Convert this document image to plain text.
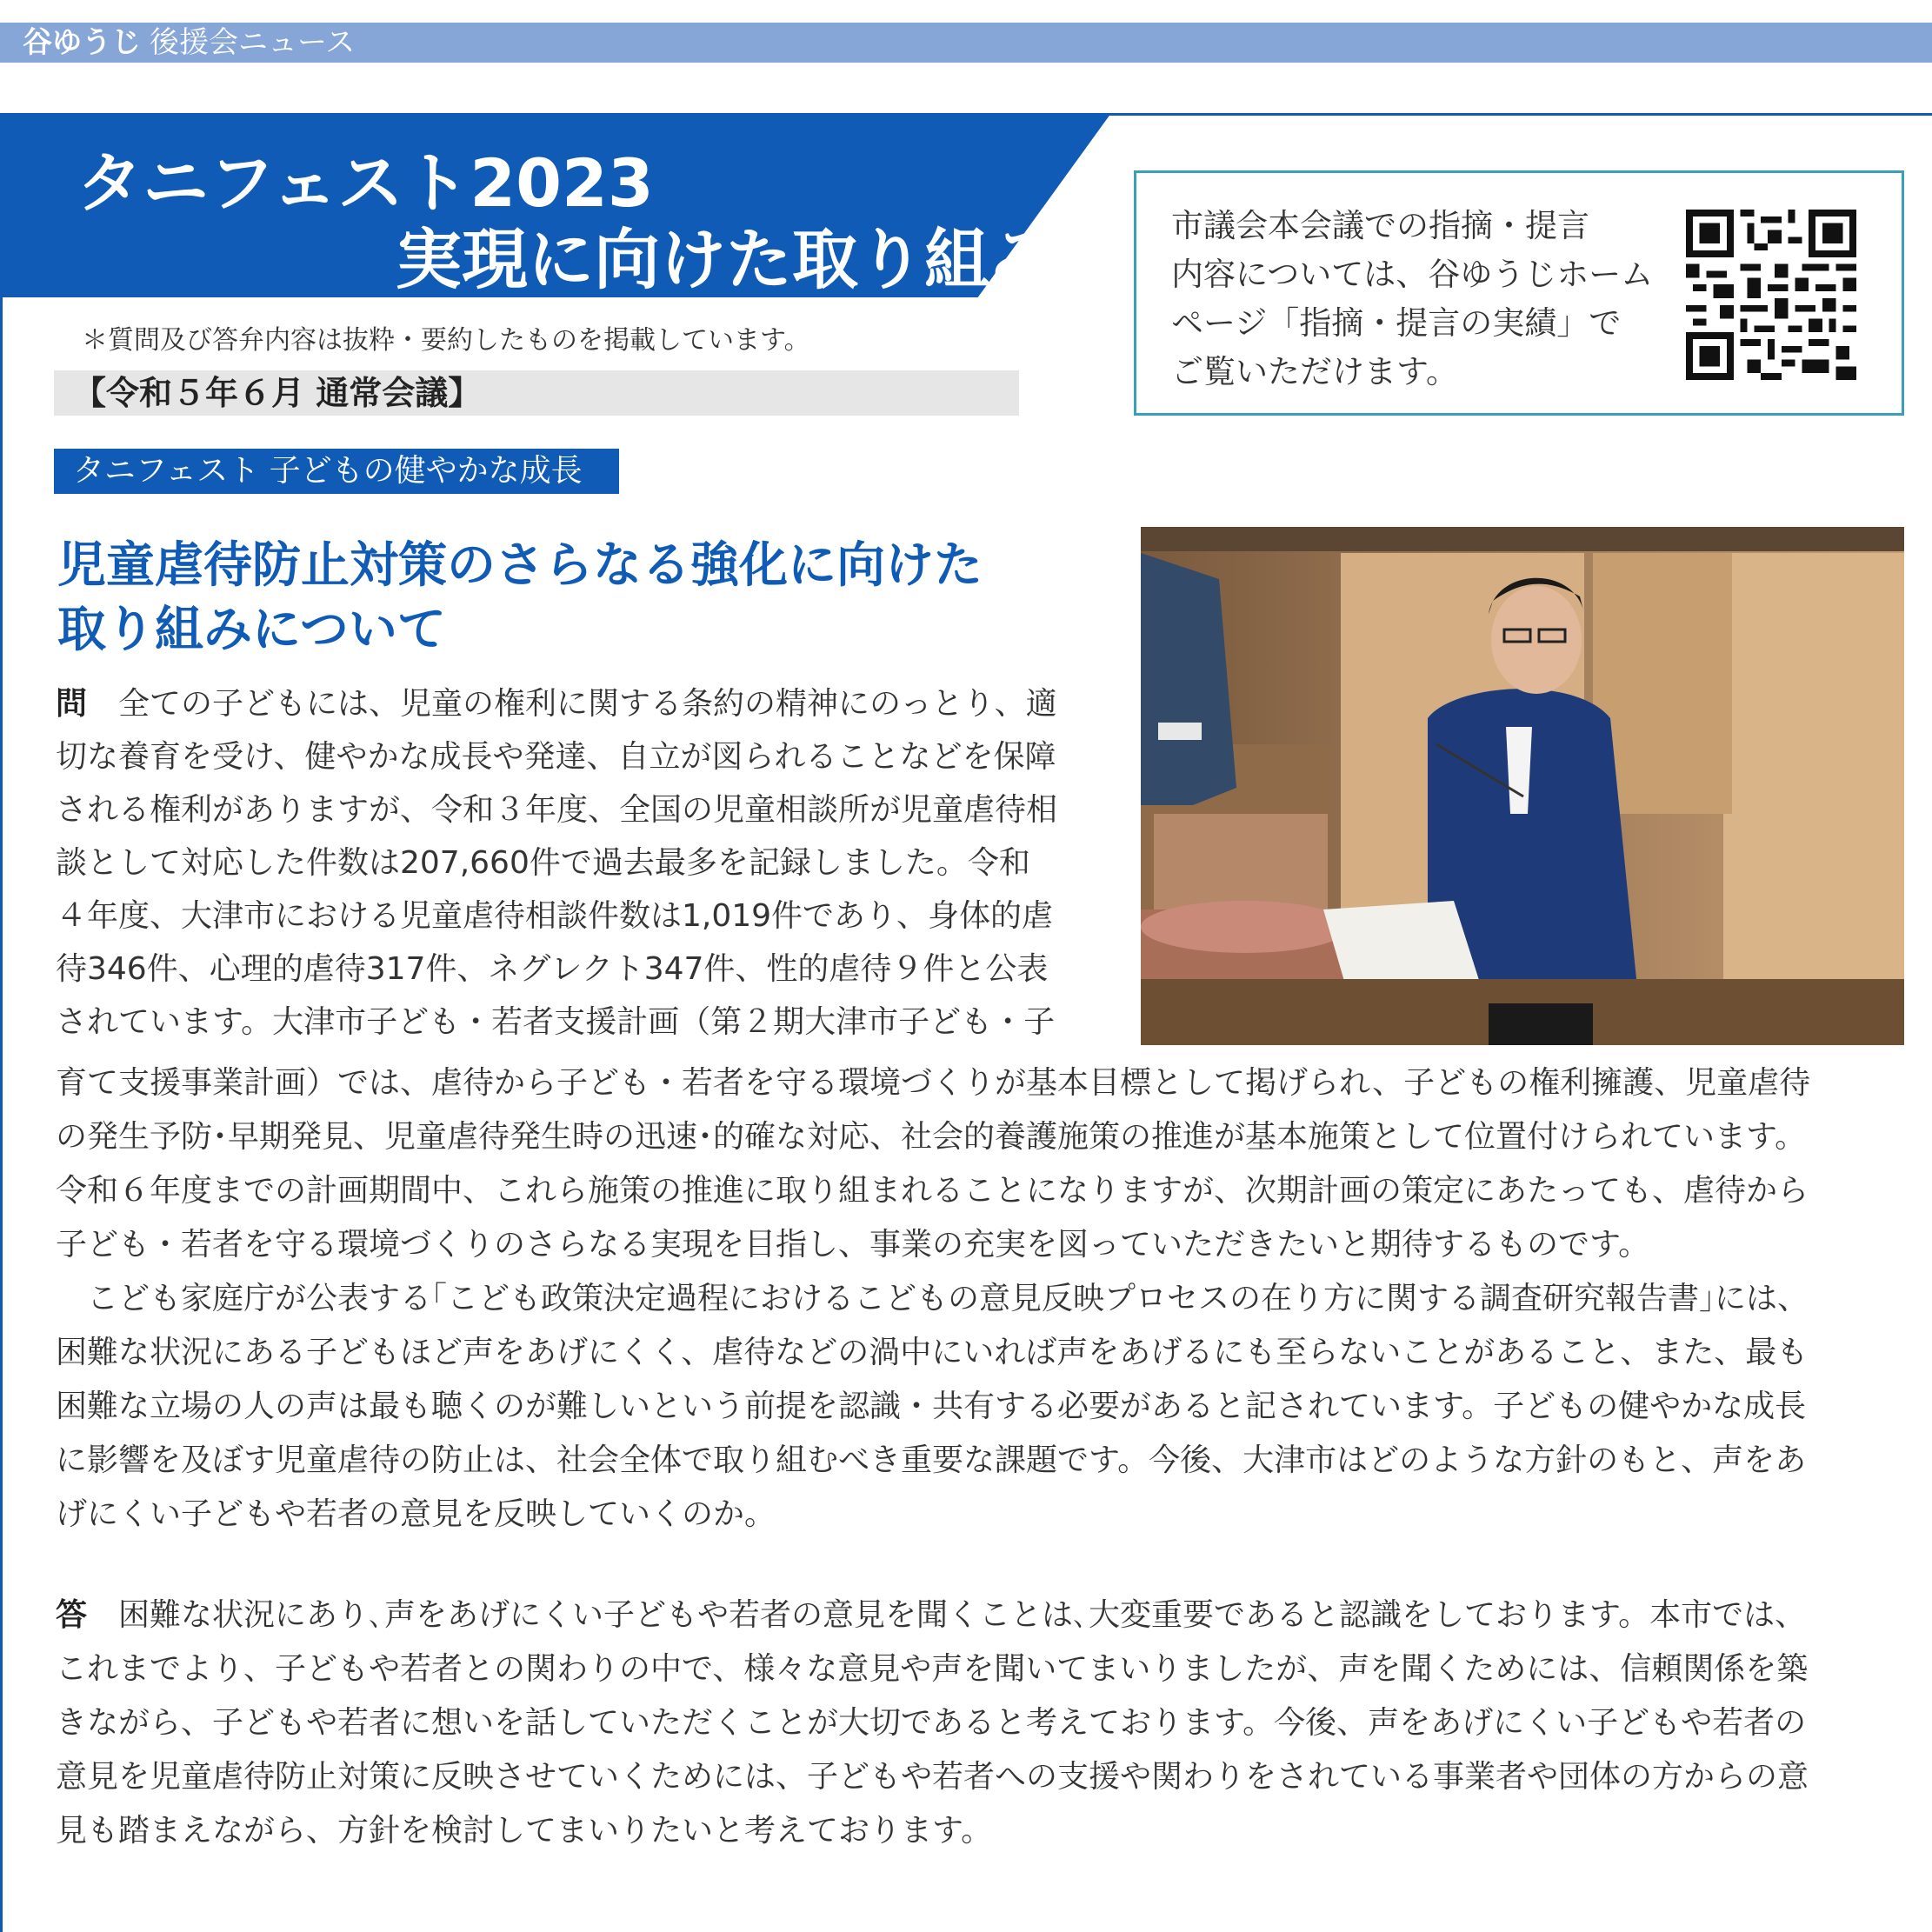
谷ゆうじ 後援会ニュース
タニフェスト2023
実現に向けた取り組み
＊質問及び答弁内容は抜粋・要約したものを掲載しています。
【令和５年６月 通常会議】
タニフェスト 子どもの健やかな成長
児童虐待防止対策のさらなる強化に向けた
取り組みについて
市議会本会議での指摘・提言
内容については、谷ゆうじホーム
ページ「指摘・提言の実績」で
ご覧いただけます。
問　 全ての子どもには、児童の権利に関する条約の精神にのっとり、適
切な養育を受け、健やかな成長や発達、自立が図られることなどを保障
される権利がありますが、令和３年度、全国の児童相談所が児童虐待相
談として対応した件数は207,660件で過去最多を記録しました。令和
４年度、大津市における児童虐待相談件数は1,019件であり、身体的虐
待346件、心理的虐待317件、ネグレクト347件、性的虐待９件と公表
されています。大津市子ども・若者支援計画（第２期大津市子ども・子
育て支援事業計画）では、虐待から子ども・若者を守る環境づくりが基本目標として掲げられ、子どもの権利擁護、児童虐待
の発生予防･早期発見、児童虐待発生時の迅速･的確な対応、社会的養護施策の推進が基本施策として位置付けられています。
令和６年度までの計画期間中、これら施策の推進に取り組まれることになりますが、次期計画の策定にあたっても、虐待から
子ども・若者を守る環境づくりのさらなる実現を目指し、事業の充実を図っていただきたいと期待するものです。
　こども家庭庁が公表する｢こども政策決定過程におけるこどもの意見反映プロセスの在り方に関する調査研究報告書｣には、
困難な状況にある子どもほど声をあげにくく、虐待などの渦中にいれば声をあげるにも至らないことがあること、また、最も
困難な立場の人の声は最も聴くのが難しいという前提を認識・共有する必要があると記されています。子どもの健やかな成長
に影響を及ぼす児童虐待の防止は、社会全体で取り組むべき重要な課題です。今後、大津市はどのような方針のもと、声をあ
げにくい子どもや若者の意見を反映していくのか。
答　 困難な状況にあり､声をあげにくい子どもや若者の意見を聞くことは､大変重要であると認識をしております。本市では、
これまでより、子どもや若者との関わりの中で、様々な意見や声を聞いてまいりましたが、声を聞くためには、信頼関係を築
きながら、子どもや若者に想いを話していただくことが大切であると考えております。今後、声をあげにくい子どもや若者の
意見を児童虐待防止対策に反映させていくためには、子どもや若者への支援や関わりをされている事業者や団体の方からの意
見も踏まえながら、方針を検討してまいりたいと考えております。
